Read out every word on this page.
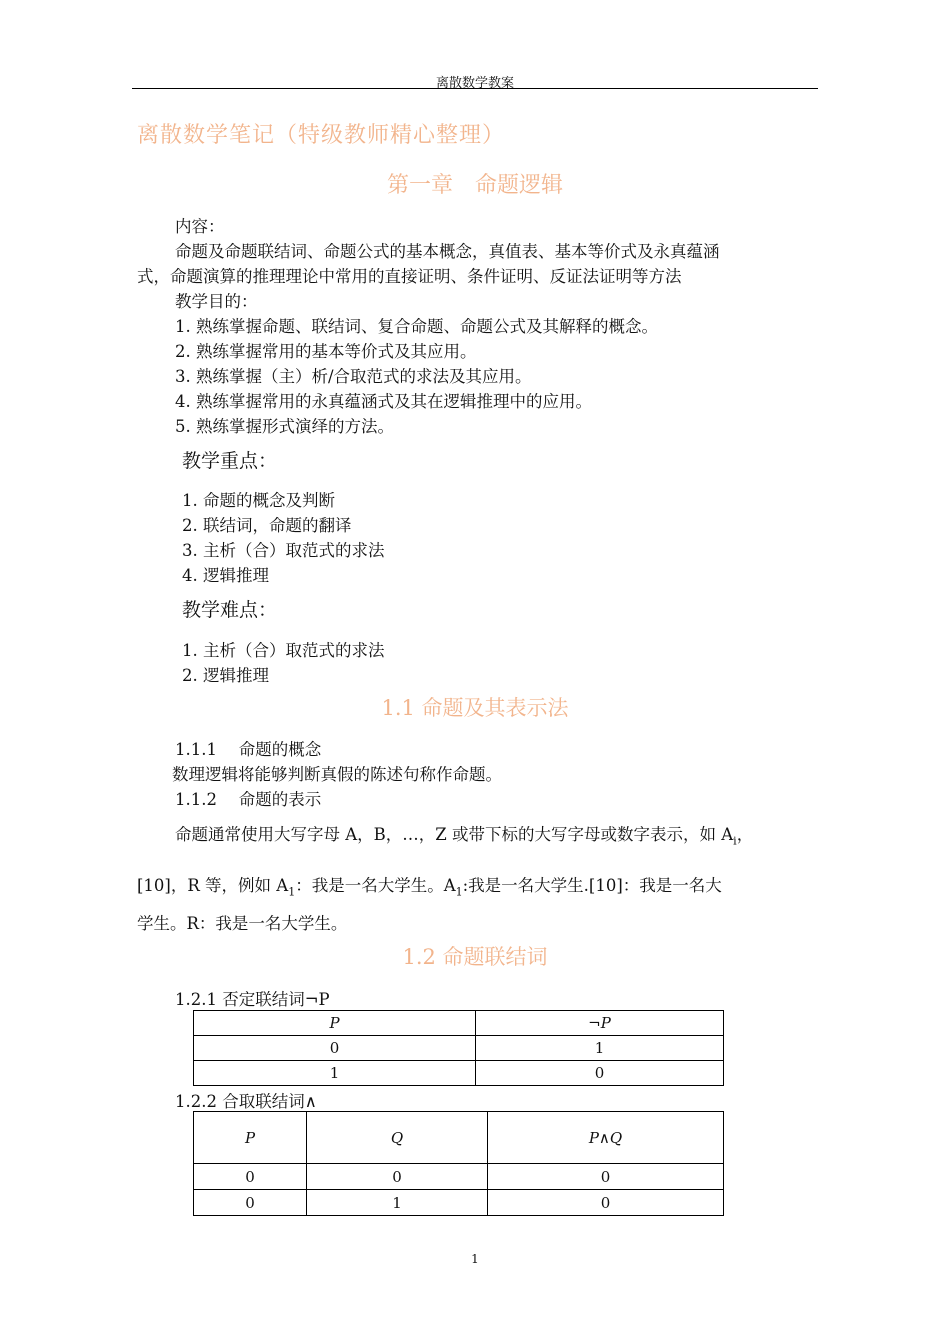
离散数学教案
离散数学笔记（特级教师精心整理）
第一章　命题逻辑
内容：
命题及命题联结词、命题公式的基本概念，真值表、基本等价式及永真蕴涵
式，命题演算的推理理论中常用的直接证明、条件证明、反证法证明等方法
教学目的：
1. 熟练掌握命题、联结词、复合命题、命题公式及其解释的概念。
2. 熟练掌握常用的基本等价式及其应用。
3. 熟练掌握（主）析/合取范式的求法及其应用。
4. 熟练掌握常用的永真蕴涵式及其在逻辑推理中的应用。
5. 熟练掌握形式演绎的方法。
教学重点：
1. 命题的概念及判断
2. 联结词，命题的翻译
3. 主析（合）取范式的求法
4. 逻辑推理
教学难点：
1. 主析（合）取范式的求法
2. 逻辑推理
1.1 命题及其表示法
1.1.1　 命题的概念
数理逻辑将能够判断真假的陈述句称作命题。
1.1.2　 命题的表示
命题通常使用大写字母 A，B，…，Z 或带下标的大写字母或数字表示，如 $A_i$，
[10]，R 等，例如 $A_1$：我是一名大学生。$A_1$:我是一名大学生.[10]：我是一名大
学生。R：我是一名大学生。
1.2 命题联结词
1.2.1 否定联结词¬P
P	¬P
0	1
1	0
1.2.2 合取联结词∧
P	Q	P∧Q
0	0	0
0	1	0
1
